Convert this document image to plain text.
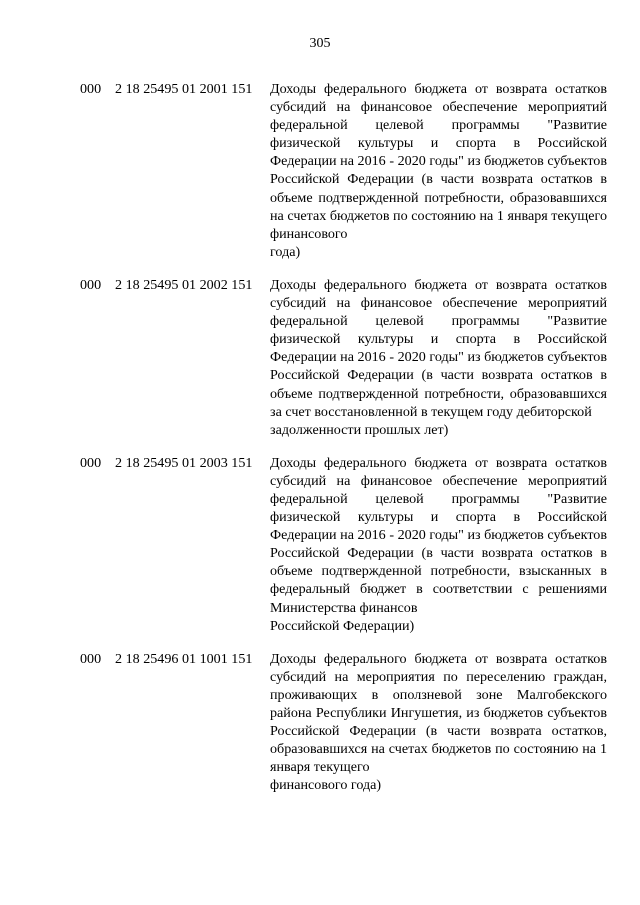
305
000 2 18 25495 01 2001 151 Доходы федерального бюджета от возврата остатков субсидий на финансовое обеспечение мероприятий федеральной целевой программы "Развитие физической культуры и спорта в Российской Федерации на 2016 - 2020 годы" из бюджетов субъектов Российской Федерации (в части возврата остатков в объеме подтвержденной потребности, образовавшихся на счетах бюджетов по состоянию на 1 января текущего финансового
года)
000 2 18 25495 01 2002 151 Доходы федерального бюджета от возврата остатков субсидий на финансовое обеспечение мероприятий федеральной целевой программы "Развитие физической культуры и спорта в Российской Федерации на 2016 - 2020 годы" из бюджетов субъектов Российской Федерации (в части возврата остатков в объеме подтвержденной потребности, образовавшихся за счет восстановленной в текущем году дебиторской
задолженности прошлых лет)
000 2 18 25495 01 2003 151 Доходы федерального бюджета от возврата остатков субсидий на финансовое обеспечение мероприятий федеральной целевой программы "Развитие физической культуры и спорта в Российской Федерации на 2016 - 2020 годы" из бюджетов субъектов Российской Федерации (в части возврата остатков в объеме подтвержденной потребности, взысканных в федеральный бюджет в соответствии с решениями Министерства финансов
Российской Федерации)
000 2 18 25496 01 1001 151 Доходы федерального бюджета от возврата остатков субсидий на мероприятия по переселению граждан, проживающих в оползневой зоне Малгобекского района Республики Ингушетия, из бюджетов субъектов Российской Федерации (в части возврата остатков, образовавшихся на счетах бюджетов по состоянию на 1 января текущего
финансового года)
